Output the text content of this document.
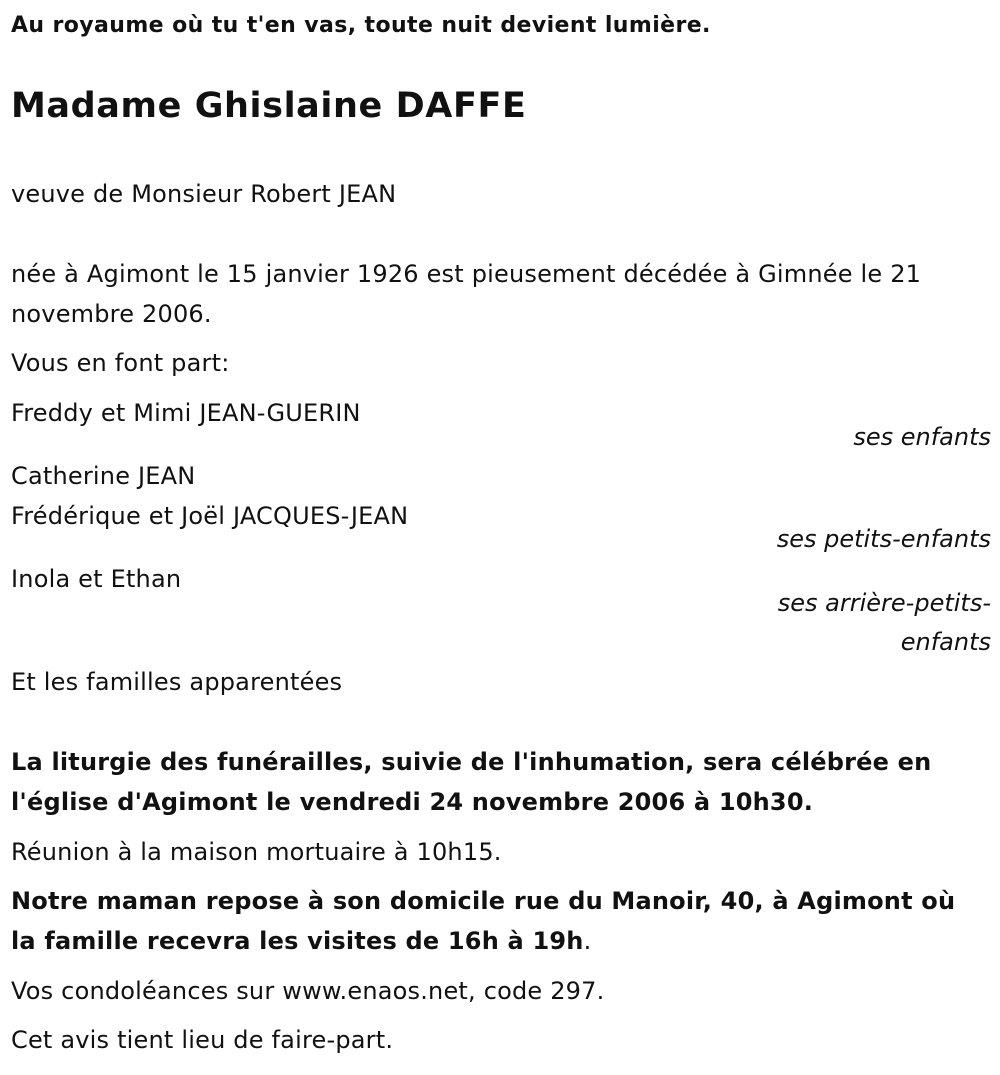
Au royaume où tu t'en vas, toute nuit devient lumière.
Madame Ghislaine DAFFE
veuve de Monsieur Robert JEAN
née à Agimont le 15 janvier 1926 est pieusement décédée à Gimnée le 21
novembre 2006.
Vous en font part:
Freddy et Mimi JEAN-GUERIN
ses enfants
Catherine JEAN
Frédérique et Joël JACQUES-JEAN
ses petits-enfants
Inola et Ethan
ses arrière-petits-
enfants
Et les familles apparentées
La liturgie des funérailles, suivie de l'inhumation, sera célébrée en
l'église d'Agimont le vendredi 24 novembre 2006 à 10h30.
Réunion à la maison mortuaire à 10h15.
Notre maman repose à son domicile rue du Manoir, 40, à Agimont où
la famille recevra les visites de 16h à 19h.
Vos condoléances sur www.enaos.net, code 297.
Cet avis tient lieu de faire-part.
